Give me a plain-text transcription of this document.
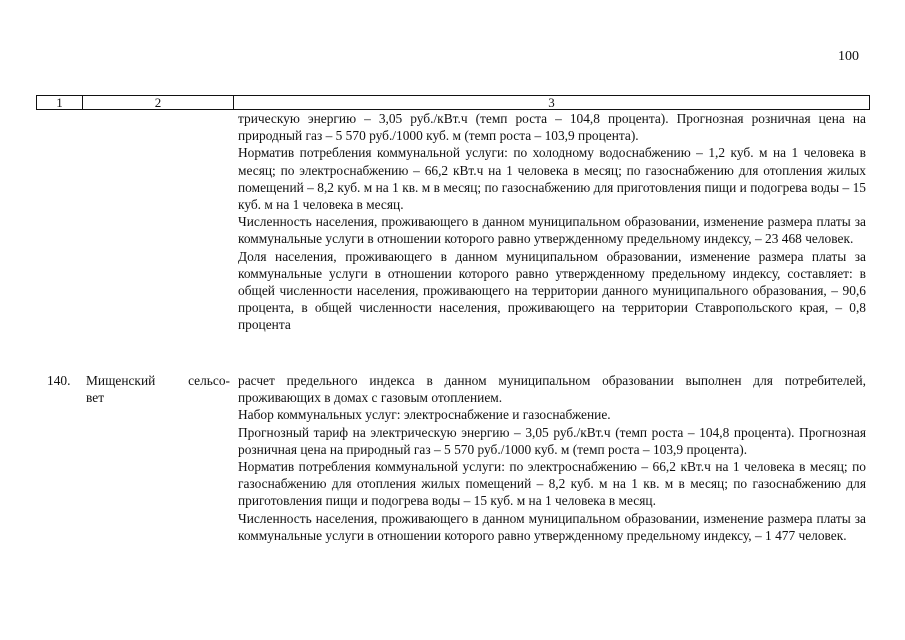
100
1	2	3

трическую энергию – 3,05 руб./кВт.ч (темп роста – 104,8 процента). Прогнозная розничная цена на природный газ – 5 570 руб./1000 куб. м (темп роста – 103,9 процента).

Норматив потребления коммунальной услуги: по холодному водоснабжению – 1,2 куб. м на 1 человека в месяц; по электроснабжению – 66,2 кВт.ч на 1 человека в месяц; по газоснабжению для отопления жилых помещений – 8,2 куб. м на 1 кв. м в месяц; по газоснабжению для приготовления пищи и подогрева воды – 15 куб. м на 1 человека в месяц.

Численность населения, проживающего в данном муниципальном образовании, изменение размера платы за коммунальные услуги в отношении которого равно утвержденному предельному индексу, – 23 468 человек.

Доля населения, проживающего в данном муниципальном образовании, изменение размера платы за коммунальные услуги в отношении которого равно утвержденному предельному индексу, составляет: в общей численности населения, проживающего на территории данного муниципального образования, – 90,6 процента, в общей численности населения, проживающего на территории Ставропольского края, – 0,8 процента

140. Мищенский сельсо-
вет

расчет предельного индекса в данном муниципальном образовании выполнен для потребителей, проживающих в домах с газовым отоплением.

Набор коммунальных услуг: электроснабжение и газоснабжение.

Прогнозный тариф на электрическую энергию – 3,05 руб./кВт.ч (темп роста – 104,8 процента). Прогнозная розничная цена на природный газ – 5 570 руб./1000 куб. м (темп роста – 103,9 процента).

Норматив потребления коммунальной услуги: по электроснабжению – 66,2 кВт.ч на 1 человека в месяц; по газоснабжению для отопления жилых помещений – 8,2 куб. м на 1 кв. м в месяц; по газоснабжению для приготовления пищи и подогрева воды – 15 куб. м на 1 человека в месяц.

Численность населения, проживающего в данном муниципальном образовании, изменение размера платы за коммунальные услуги в отношении которого равно утвержденному предельному индексу, – 1 477 человек.
